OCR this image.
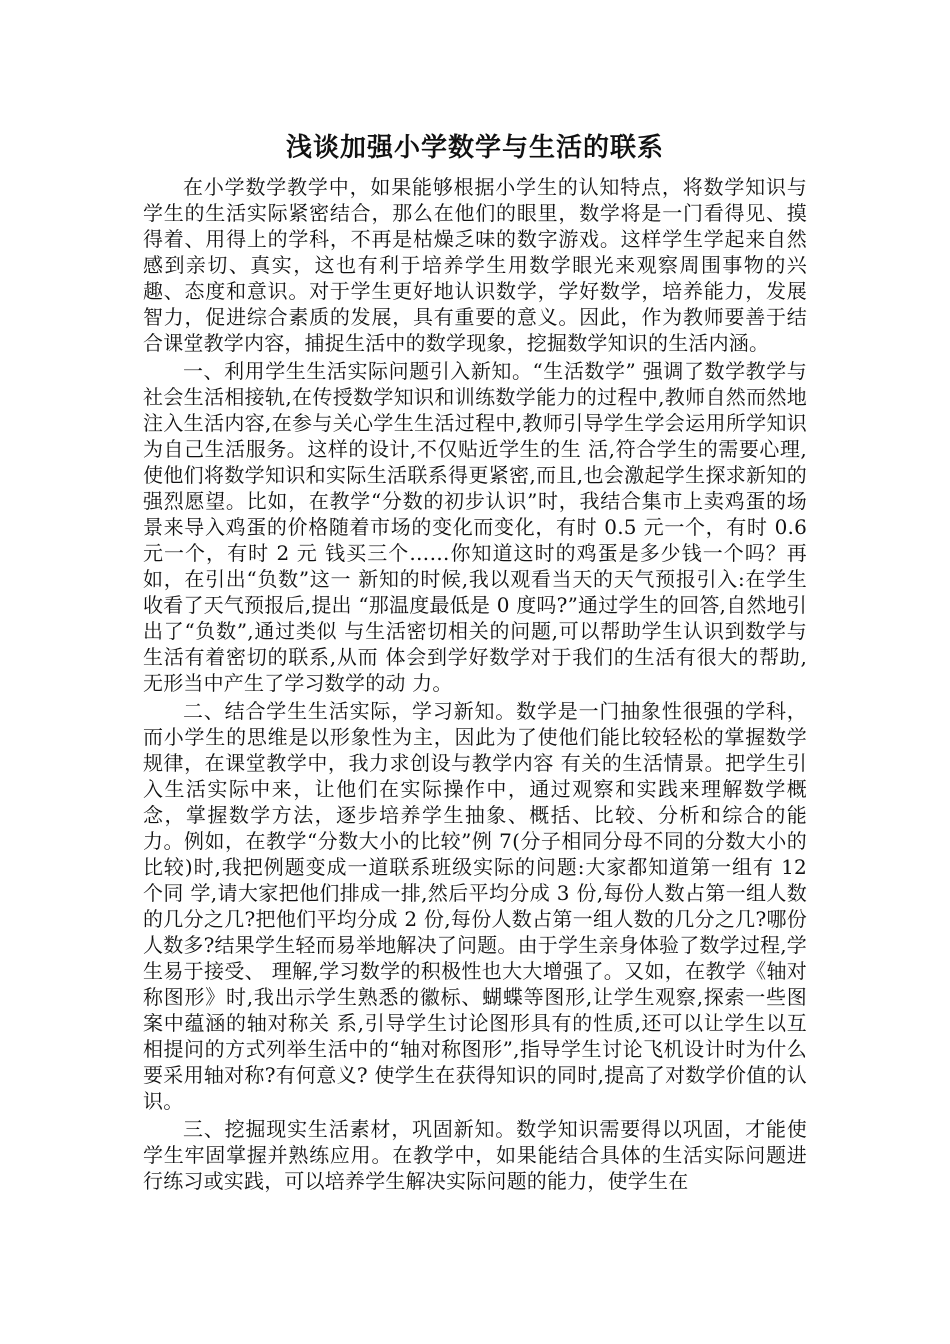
浅谈加强小学数学与生活的联系

在小学数学教学中，如果能够根据小学生的认知特点，将数学知识与学生的生活实际紧密结合，那么在他们的眼里，数学将是一门看得见、摸得着、用得上的学科，不再是枯燥乏味的数字游戏。这样学生学起来自然感到亲切、真实，这也有利于培养学生用数学眼光来观察周围事物的兴趣、态度和意识。对于学生更好地认识数学，学好数学，培养能力，发展智力，促进综合素质的发展，具有重要的意义。因此，作为教师要善于结合课堂教学内容，捕捉生活中的数学现象，挖掘数学知识的生活内涵。

一、利用学生生活实际问题引入新知。“生活数学” 强调了数学教学与社会生活相接轨,在传授数学知识和训练数学能力的过程中,教师自然而然地注入生活内容,在参与关心学生生活过程中,教师引导学生学会运用所学知识为自己生活服务。这样的设计,不仅贴近学生的生 活,符合学生的需要心理,使他们将数学知识和实际生活联系得更紧密,而且,也会激起学生探求新知的强烈愿望。比如，在教学“分数的初步认识”时，我结合集市上卖鸡蛋的场景来导入鸡蛋的价格随着市场的变化而变化，有时 0.5 元一个，有时 0.6 元一个，有时 2 元 钱买三个……你知道这时的鸡蛋是多少钱一个吗？再如，在引出“负数”这一 新知的时候,我以观看当天的天气预报引入:在学生收看了天气预报后,提出 “那温度最低是 0 度吗?”通过学生的回答,自然地引出了“负数”,通过类似 与生活密切相关的问题,可以帮助学生认识到数学与生活有着密切的联系,从而 体会到学好数学对于我们的生活有很大的帮助,无形当中产生了学习数学的动 力。

二、结合学生生活实际，学习新知。数学是一门抽象性很强的学科，而小学生的思维是以形象性为主，因此为了使他们能比较轻松的掌握数学规律，在课堂教学中，我力求创设与教学内容 有关的生活情景。把学生引入生活实际中来，让他们在实际操作中，通过观察和实践来理解数学概念，掌握数学方法，逐步培养学生抽象、概括、比较、分析和综合的能力。例如，在教学“分数大小的比较”例 7(分子相同分母不同的分数大小的比较)时,我把例题变成一道联系班级实际的问题:大家都知道第一组有 12 个同 学,请大家把他们排成一排,然后平均分成 3 份,每份人数占第一组人数的几分之几?把他们平均分成 2 份,每份人数占第一组人数的几分之几?哪份人数多?结果学生轻而易举地解决了问题。由于学生亲身体验了数学过程,学生易于接受、 理解,学习数学的积极性也大大增强了。又如，在教学《轴对称图形》时,我出示学生熟悉的徽标、蝴蝶等图形,让学生观察,探索一些图案中蕴涵的轴对称关 系,引导学生讨论图形具有的性质,还可以让学生以互相提问的方式列举生活中的“轴对称图形”,指导学生讨论飞机设计时为什么要采用轴对称?有何意义? 使学生在获得知识的同时,提高了对数学价值的认识。

三、挖掘现实生活素材，巩固新知。数学知识需要得以巩固，才能使学生牢固掌握并熟练应用。在教学中，如果能结合具体的生活实际问题进行练习或实践，可以培养学生解决实际问题的能力，使学生在
